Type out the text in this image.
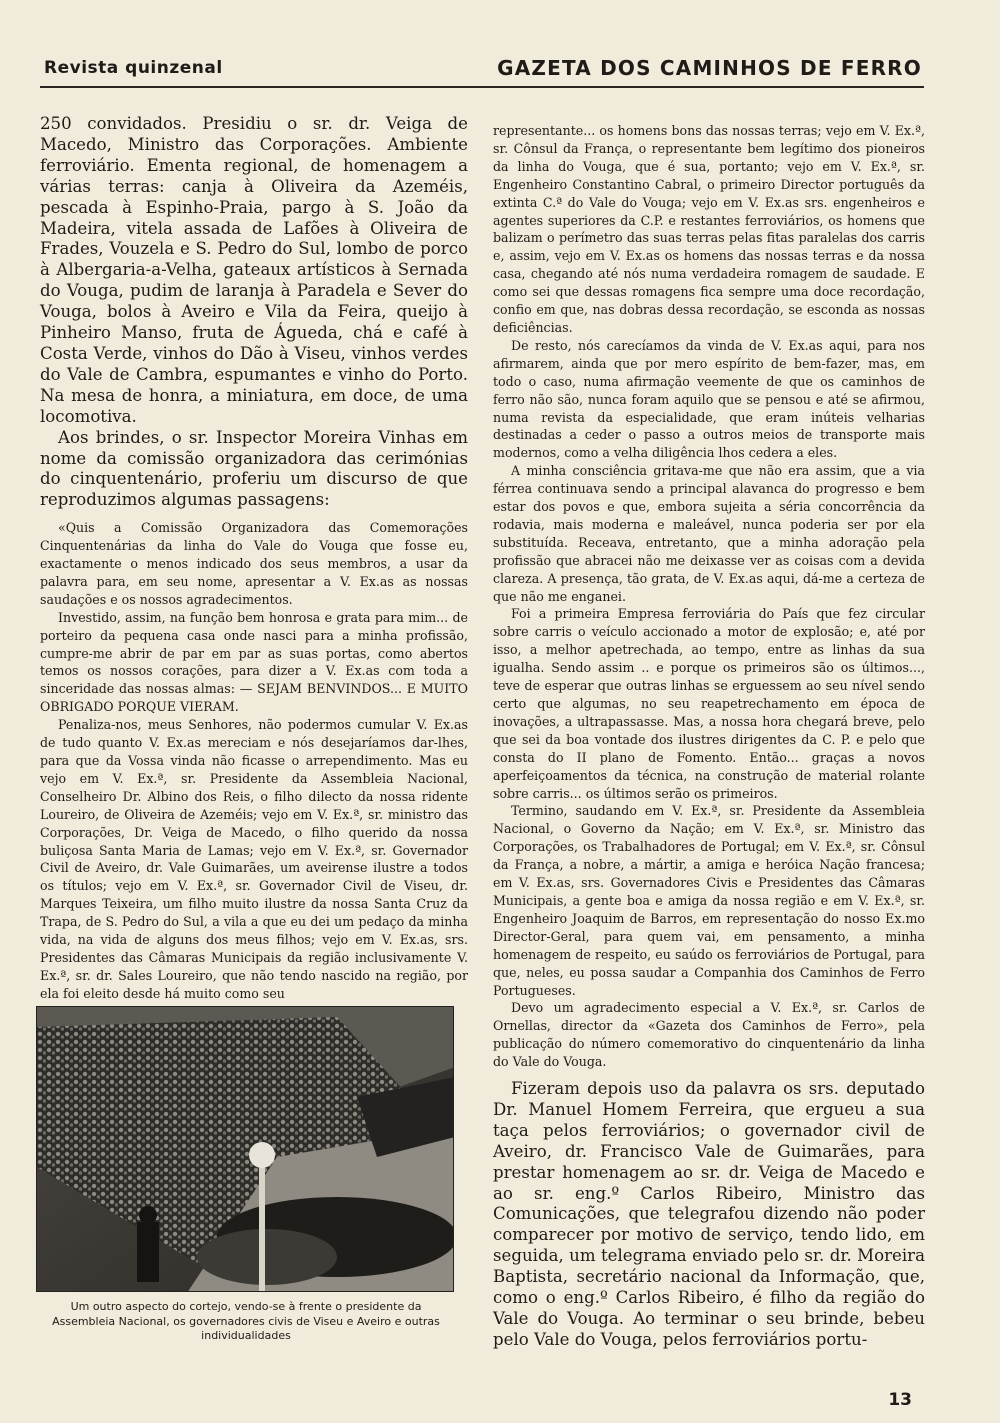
Revista quinzenal	GAZETA DOS CAMINHOS DE FERRO

250 convidados. Presidiu o sr. dr. Veiga de Macedo, Ministro das Corporações. Ambiente ferroviário. Ementa regional, de homenagem a várias terras: canja à Oliveira da Azeméis, pescada à Espinho-Praia, pargo à S. João da Madeira, vitela assada de Lafões à Oliveira de Frades, Vouzela e S. Pedro do Sul, lombo de porco à Albergaria-a-Velha, gateaux artísticos à Sernada do Vouga, pudim de laranja à Paradela e Sever do Vouga, bolos à Aveiro e Vila da Feira, queijo à Pinheiro Manso, fruta de Águeda, chá e café à Costa Verde, vinhos do Dão à Viseu, vinhos verdes do Vale de Cambra, espumantes e vinho do Porto. Na mesa de honra, a miniatura, em doce, de uma locomotiva.

Aos brindes, o sr. Inspector Moreira Vinhas em nome da comissão organizadora das cerimónias do cinquentenário, proferiu um discurso de que reproduzimos algumas passagens:

«Quis a Comissão Organizadora das Comemorações Cinquentenárias da linha do Vale do Vouga que fosse eu, exactamente o menos indicado dos seus membros, a usar da palavra para, em seu nome, apresentar a V. Ex.as as nossas saudações e os nossos agradecimentos.

Investido, assim, na função bem honrosa e grata para mim... de porteiro da pequena casa onde nasci para a minha profissão, cumpre-me abrir de par em par as suas portas, como abertos temos os nossos corações, para dizer a V. Ex.as com toda a sinceridade das nossas almas: — SEJAM BENVINDOS... E MUITO OBRIGADO PORQUE VIERAM.

Penaliza-nos, meus Senhores, não podermos cumular V. Ex.as de tudo quanto V. Ex.as mereciam e nós desejaríamos dar-lhes, para que da Vossa vinda não ficasse o arrependimento. Mas eu vejo em V. Ex.ª, sr. Presidente da Assembleia Nacional, Conselheiro Dr. Albino dos Reis, o filho dilecto da nossa ridente Loureiro, de Oliveira de Azeméis; vejo em V. Ex.ª, sr. ministro das Corporações, Dr. Veiga de Macedo, o filho querido da nossa buliçosa Santa Maria de Lamas; vejo em V. Ex.ª, sr. Governador Civil de Aveiro, dr. Vale Guimarães, um aveirense ilustre a todos os títulos; vejo em V. Ex.ª, sr. Governador Civil de Viseu, dr. Marques Teixeira, um filho muito ilustre da nossa Santa Cruz da Trapa, de S. Pedro do Sul, a vila a que eu dei um pedaço da minha vida, na vida de alguns dos meus filhos; vejo em V. Ex.as, srs. Presidentes das Câmaras Municipais da região inclusivamente V. Ex.ª, sr. dr. Sales Loureiro, que não tendo nascido na região, por ela foi eleito desde há muito como seu

Um outro aspecto do cortejo, vendo-se à frente o presidente da Assembleia Nacional, os governadores civis de Viseu e Aveiro e outras individualidades

representante... os homens bons das nossas terras; vejo em V. Ex.ª, sr. Cônsul da França, o representante bem legítimo dos pioneiros da linha do Vouga, que é sua, portanto; vejo em V. Ex.ª, sr. Engenheiro Constantino Cabral, o primeiro Director português da extinta C.ª do Vale do Vouga; vejo em V. Ex.as srs. engenheiros e agentes superiores da C.P. e restantes ferroviários, os homens que balizam o perímetro das suas terras pelas fitas paralelas dos carris e, assim, vejo em V. Ex.as os homens das nossas terras e da nossa casa, chegando até nós numa verdadeira romagem de saudade. E como sei que dessas romagens fica sempre uma doce recordação, confio em que, nas dobras dessa recordação, se esconda as nossas deficiências.

De resto, nós carecíamos da vinda de V. Ex.as aqui, para nos afirmarem, ainda que por mero espírito de bem-fazer, mas, em todo o caso, numa afirmação veemente de que os caminhos de ferro não são, nunca foram aquilo que se pensou e até se afirmou, numa revista da especialidade, que eram inúteis velharias destinadas a ceder o passo a outros meios de transporte mais modernos, como a velha diligência lhos cedera a eles.

A minha consciência gritava-me que não era assim, que a via férrea continuava sendo a principal alavanca do progresso e bem estar dos povos e que, embora sujeita a séria concorrência da rodavia, mais moderna e maleável, nunca poderia ser por ela substituída. Receava, entretanto, que a minha adoração pela profissão que abracei não me deixasse ver as coisas com a devida clareza. A presença, tão grata, de V. Ex.as aqui, dá-me a certeza de que não me enganei.

Foi a primeira Empresa ferroviária do País que fez circular sobre carris o veículo accionado a motor de explosão; e, até por isso, a melhor apetrechada, ao tempo, entre as linhas da sua igualha. Sendo assim .. e porque os primeiros são os últimos..., teve de esperar que outras linhas se erguessem ao seu nível sendo certo que algumas, no seu reapetrechamento em época de inovações, a ultrapassasse. Mas, a nossa hora chegará breve, pelo que sei da boa vontade dos ilustres dirigentes da C. P. e pelo que consta do II plano de Fomento. Então... graças a novos aperfeiçoamentos da técnica, na construção de material rolante sobre carris... os últimos serão os primeiros.

Termino, saudando em V. Ex.ª, sr. Presidente da Assembleia Nacional, o Governo da Nação; em V. Ex.ª, sr. Ministro das Corporações, os Trabalhadores de Portugal; em V. Ex.ª, sr. Cônsul da França, a nobre, a mártir, a amiga e heróica Nação francesa; em V. Ex.as, srs. Governadores Civis e Presidentes das Câmaras Municipais, a gente boa e amiga da nossa região e em V. Ex.ª, sr. Engenheiro Joaquim de Barros, em representação do nosso Ex.mo Director-Geral, para quem vai, em pensamento, a minha homenagem de respeito, eu saúdo os ferroviários de Portugal, para que, neles, eu possa saudar a Companhia dos Caminhos de Ferro Portugueses.

Devo um agradecimento especial a V. Ex.ª, sr. Carlos de Ornellas, director da «Gazeta dos Caminhos de Ferro», pela publicação do número comemorativo do cinquentenário da linha do Vale do Vouga.

Fizeram depois uso da palavra os srs. deputado Dr. Manuel Homem Ferreira, que ergueu a sua taça pelos ferroviários; o governador civil de Aveiro, dr. Francisco Vale de Guimarães, para prestar homenagem ao sr. dr. Veiga de Macedo e ao sr. eng.º Carlos Ribeiro, Ministro das Comunicações, que telegrafou dizendo não poder comparecer por motivo de serviço, tendo lido, em seguida, um telegrama enviado pelo sr. dr. Moreira Baptista, secretário nacional da Informação, que, como o eng.º Carlos Ribeiro, é filho da região do Vale do Vouga. Ao terminar o seu brinde, bebeu pelo Vale do Vouga, pelos ferroviários portu-

13
